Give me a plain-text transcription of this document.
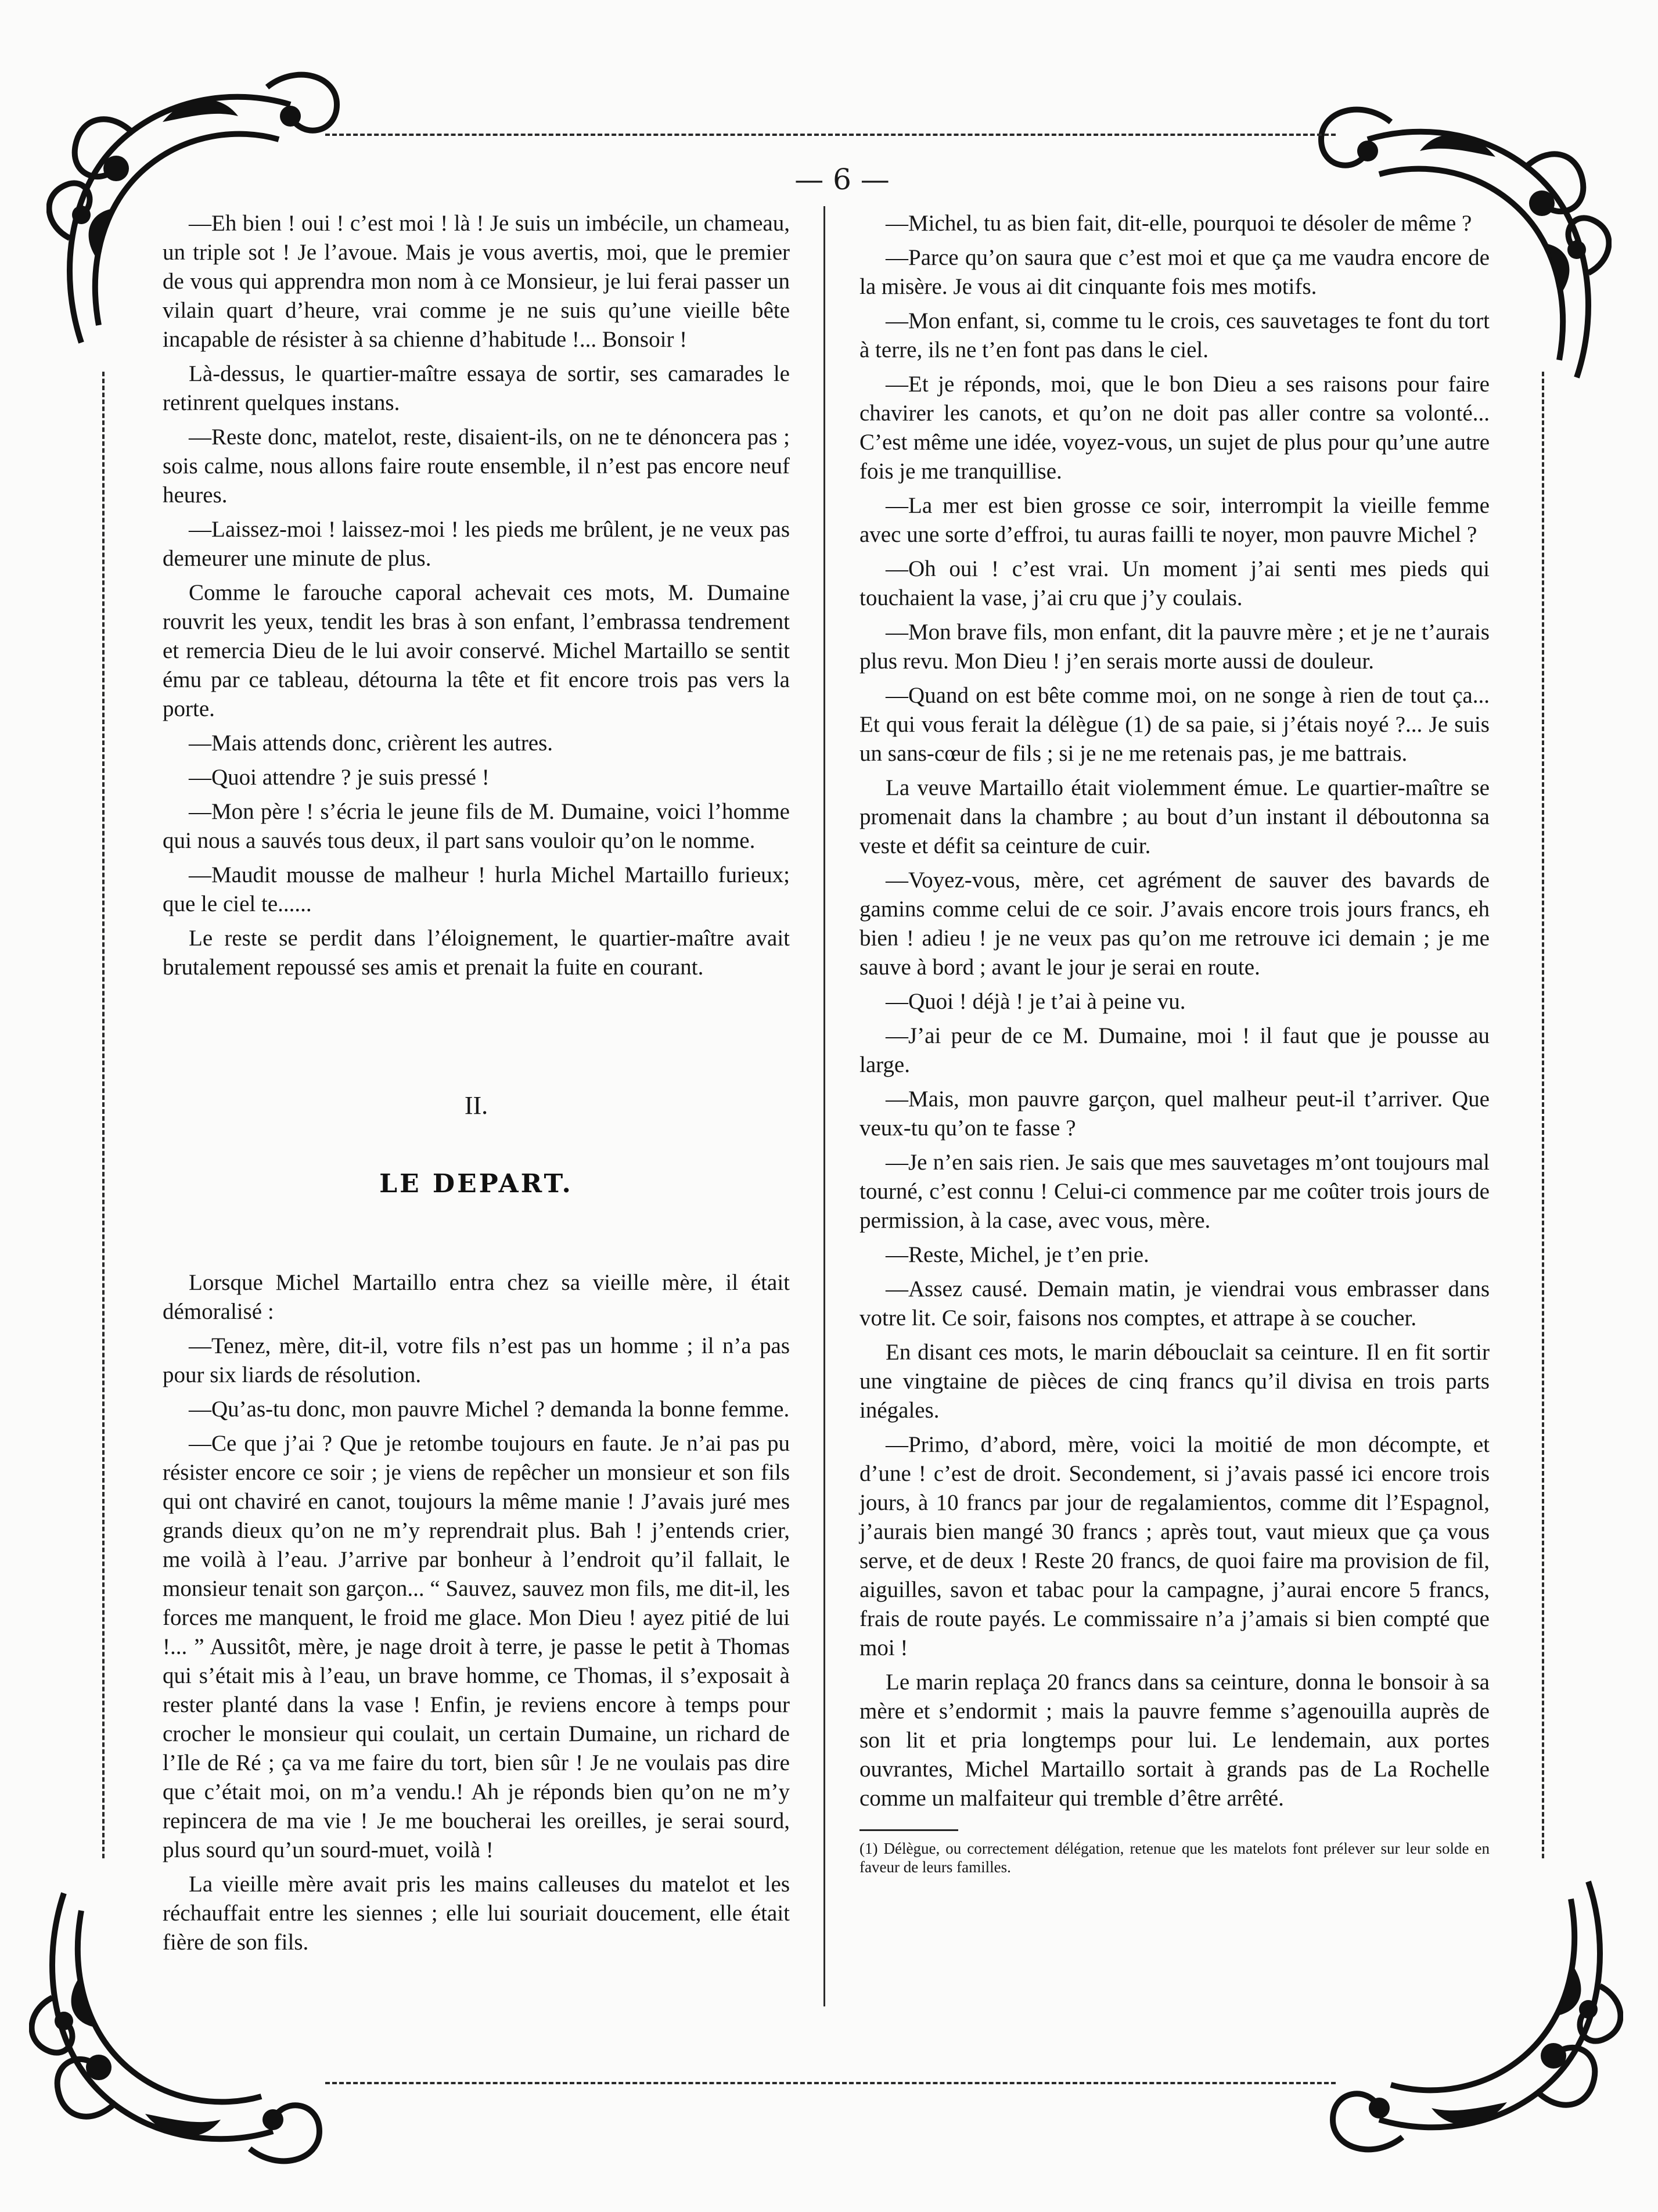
— 6 —

—Eh bien ! oui ! c’est moi ! là ! Je suis un imbécile, un chameau, un triple sot ! Je l’avoue. Mais je vous avertis, moi, que le premier de vous qui apprendra mon nom à ce Monsieur, je lui ferai passer un vilain quart d’heure, vrai comme je ne suis qu’une vieille bête incapable de résister à sa chienne d’habitude !... Bonsoir !

Là-dessus, le quartier-maître essaya de sortir, ses camarades le retinrent quelques instans.

—Reste donc, matelot, reste, disaient-ils, on ne te dénoncera pas ; sois calme, nous allons faire route ensemble, il n’est pas encore neuf heures.

—Laissez-moi ! laissez-moi ! les pieds me brûlent, je ne veux pas demeurer une minute de plus.

Comme le farouche caporal achevait ces mots, M. Dumaine rouvrit les yeux, tendit les bras à son enfant, l’embrassa tendrement et remercia Dieu de le lui avoir conservé. Michel Martaillo se sentit ému par ce tableau, détourna la tête et fit encore trois pas vers la porte.

—Mais attends donc, crièrent les autres.

—Quoi attendre ? je suis pressé !

—Mon père ! s’écria le jeune fils de M. Dumaine, voici l’homme qui nous a sauvés tous deux, il part sans vouloir qu’on le nomme.

—Maudit mousse de malheur ! hurla Michel Martaillo furieux; que le ciel te......

Le reste se perdit dans l’éloignement, le quartier-maître avait brutalement repoussé ses amis et prenait la fuite en courant.

II.
LE DEPART.

Lorsque Michel Martaillo entra chez sa vieille mère, il était démoralisé :

—Tenez, mère, dit-il, votre fils n’est pas un homme ; il n’a pas pour six liards de résolution.

—Qu’as-tu donc, mon pauvre Michel ? demanda la bonne femme.

—Ce que j’ai ? Que je retombe toujours en faute. Je n’ai pas pu résister encore ce soir ; je viens de repêcher un monsieur et son fils qui ont chaviré en canot, toujours la même manie ! J’avais juré mes grands dieux qu’on ne m’y reprendrait plus. Bah ! j’entends crier, me voilà à l’eau. J’arrive par bonheur à l’endroit qu’il fallait, le monsieur tenait son garçon... “ Sauvez, sauvez mon fils, me dit-il, les forces me manquent, le froid me glace. Mon Dieu ! ayez pitié de lui !... ” Aussitôt, mère, je nage droit à terre, je passe le petit à Thomas qui s’était mis à l’eau, un brave homme, ce Thomas, il s’exposait à rester planté dans la vase ! Enfin, je reviens encore à temps pour crocher le monsieur qui coulait, un certain Dumaine, un richard de l’Ile de Ré ; ça va me faire du tort, bien sûr ! Je ne voulais pas dire que c’était moi, on m’a vendu.! Ah je réponds bien qu’on ne m’y repincera de ma vie ! Je me boucherai les oreilles, je serai sourd, plus sourd qu’un sourd-muet, voilà !

La vieille mère avait pris les mains calleuses du matelot et les réchauffait entre les siennes ; elle lui souriait doucement, elle était fière de son fils.

—Michel, tu as bien fait, dit-elle, pourquoi te désoler de même ?

—Parce qu’on saura que c’est moi et que ça me vaudra encore de la misère. Je vous ai dit cinquante fois mes motifs.

—Mon enfant, si, comme tu le crois, ces sauvetages te font du tort à terre, ils ne t’en font pas dans le ciel.

—Et je réponds, moi, que le bon Dieu a ses raisons pour faire chavirer les canots, et qu’on ne doit pas aller contre sa volonté... C’est même une idée, voyez-vous, un sujet de plus pour qu’une autre fois je me tranquillise.

—La mer est bien grosse ce soir, interrompit la vieille femme avec une sorte d’effroi, tu auras failli te noyer, mon pauvre Michel ?

—Oh oui ! c’est vrai. Un moment j’ai senti mes pieds qui touchaient la vase, j’ai cru que j’y coulais.

—Mon brave fils, mon enfant, dit la pauvre mère ; et je ne t’aurais plus revu. Mon Dieu ! j’en serais morte aussi de douleur.

—Quand on est bête comme moi, on ne songe à rien de tout ça... Et qui vous ferait la délègue (1) de sa paie, si j’étais noyé ?... Je suis un sans-cœur de fils ; si je ne me retenais pas, je me battrais.

La veuve Martaillo était violemment émue. Le quartier-maître se promenait dans la chambre ; au bout d’un instant il déboutonna sa veste et défit sa ceinture de cuir.

—Voyez-vous, mère, cet agrément de sauver des bavards de gamins comme celui de ce soir. J’avais encore trois jours francs, eh bien ! adieu ! je ne veux pas qu’on me retrouve ici demain ; je me sauve à bord ; avant le jour je serai en route.

—Quoi ! déjà ! je t’ai à peine vu.

—J’ai peur de ce M. Dumaine, moi ! il faut que je pousse au large.

—Mais, mon pauvre garçon, quel malheur peut-il t’arriver. Que veux-tu qu’on te fasse ?

—Je n’en sais rien. Je sais que mes sauvetages m’ont toujours mal tourné, c’est connu ! Celui-ci commence par me coûter trois jours de permission, à la case, avec vous, mère.

—Reste, Michel, je t’en prie.

—Assez causé. Demain matin, je viendrai vous embrasser dans votre lit. Ce soir, faisons nos comptes, et attrape à se coucher.

En disant ces mots, le marin débouclait sa ceinture. Il en fit sortir une vingtaine de pièces de cinq francs qu’il divisa en trois parts inégales.

—Primo, d’abord, mère, voici la moitié de mon décompte, et d’une ! c’est de droit. Secondement, si j’avais passé ici encore trois jours, à 10 francs par jour de regalamientos, comme dit l’Espagnol, j’aurais bien mangé 30 francs ; après tout, vaut mieux que ça vous serve, et de deux ! Reste 20 francs, de quoi faire ma provision de fil, aiguilles, savon et tabac pour la campagne, j’aurai encore 5 francs, frais de route payés. Le commissaire n’a j’amais si bien compté que moi !

Le marin replaça 20 francs dans sa ceinture, donna le bonsoir à sa mère et s’endormit ; mais la pauvre femme s’agenouilla auprès de son lit et pria longtemps pour lui. Le lendemain, aux portes ouvrantes, Michel Martaillo sortait à grands pas de La Rochelle comme un malfaiteur qui tremble d’être arrêté.

(1) Délègue, ou correctement délégation, retenue que les matelots font prélever sur leur solde en faveur de leurs familles.
